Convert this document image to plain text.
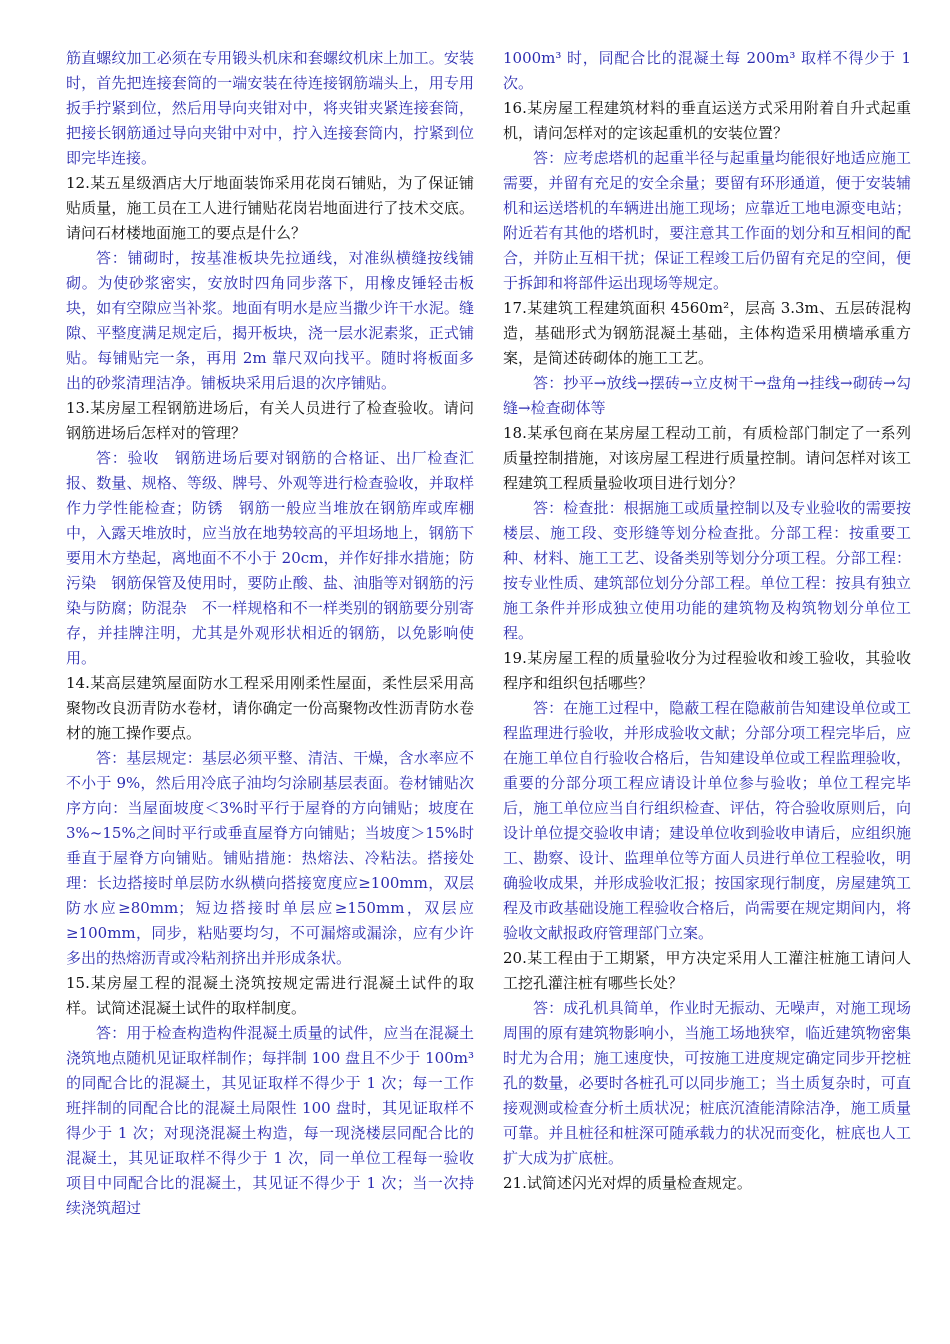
筋直螺纹加工必须在专用锻头机床和套螺纹机床上加工。安装时，首先把连接套筒的一端安装在待连接钢筋端头上，用专用扳手拧紧到位，然后用导向夹钳对中，将夹钳夹紧连接套筒，把接长钢筋通过导向夹钳中对中，拧入连接套筒内，拧紧到位即完毕连接。

12.某五星级酒店大厅地面装饰采用花岗石铺贴，为了保证铺贴质量，施工员在工人进行铺贴花岗岩地面进行了技术交底。请问石材楼地面施工的要点是什么？

答：铺砌时，按基准板块先拉通线，对准纵横缝按线铺砌。为使砂浆密实，安放时四角同步落下，用橡皮锤轻击板块，如有空隙应当补浆。地面有明水是应当撒少许干水泥。缝隙、平整度满足规定后，揭开板块，浇一层水泥素浆，正式铺贴。每铺贴完一条，再用 2m 靠尺双向找平。随时将板面多出的砂浆清理洁净。铺板块采用后退的次序铺贴。

13.某房屋工程钢筋进场后，有关人员进行了检查验收。请问钢筋进场后怎样对的管理？

答：验收　钢筋进场后要对钢筋的合格证、出厂检查汇报、数量、规格、等级、牌号、外观等进行检查验收，并取样作力学性能检查；防锈　钢筋一般应当堆放在钢筋库或库棚中，入露天堆放时，应当放在地势较高的平坦场地上，钢筋下要用木方垫起，离地面不不小于 20cm，并作好排水措施；防污染　钢筋保管及使用时，要防止酸、盐、油脂等对钢筋的污染与防腐；防混杂　不一样规格和不一样类别的钢筋要分别寄存，并挂牌注明，尤其是外观形状相近的钢筋，以免影响使用。

14.某高层建筑屋面防水工程采用刚柔性屋面，柔性层采用高聚物改良沥青防水卷材，请你确定一份高聚物改性沥青防水卷材的施工操作要点。

答：基层规定：基层必须平整、清洁、干燥，含水率应不不小于 9%，然后用冷底子油均匀涂刷基层表面。卷材铺贴次序方向：当屋面坡度＜3%时平行于屋脊的方向铺贴；坡度在 3%~15%之间时平行或垂直屋脊方向铺贴；当坡度＞15%时垂直于屋脊方向铺贴。铺贴措施：热熔法、冷粘法。搭接处理：长边搭接时单层防水纵横向搭接宽度应≥100mm，双层防水应≥80mm；短边搭接时单层应≥150mm，双层应≥100mm，同步，粘贴要均匀，不可漏熔或漏涂，应有少许多出的热熔沥青或冷粘剂挤出并形成条状。

15.某房屋工程的混凝土浇筑按规定需进行混凝土试件的取样。试简述混凝土试件的取样制度。

答：用于检查构造构件混凝土质量的试件，应当在混凝土浇筑地点随机见证取样制作；每拌制 100 盘且不少于 100m³ 的同配合比的混凝土，其见证取样不得少于 1 次；每一工作班拌制的同配合比的混凝土局限性 100 盘时，其见证取样不得少于 1 次；对现浇混凝土构造，每一现浇楼层同配合比的混凝土，其见证取样不得少于 1 次，同一单位工程每一验收项目中同配合比的混凝土，其见证不得少于 1 次；当一次持续浇筑超过

1000m³ 时，同配合比的混凝土每 200m³ 取样不得少于 1 次。

16.某房屋工程建筑材料的垂直运送方式采用附着自升式起重机，请问怎样对的定该起重机的安装位置？

答：应考虑塔机的起重半径与起重量均能很好地适应施工需要，并留有充足的安全余量；要留有环形通道，便于安装辅机和运送塔机的车辆进出施工现场；应靠近工地电源变电站；附近若有其他的塔机时，要注意其工作面的划分和互相间的配合，并防止互相干扰；保证工程竣工后仍留有充足的空间，便于拆卸和将部件运出现场等规定。

17.某建筑工程建筑面积 4560m²，层高 3.3m、五层砖混构造，基础形式为钢筋混凝土基础，主体构造采用横墙承重方案，是简述砖砌体的施工工艺。

答：抄平→放线→摆砖→立皮树干→盘角→挂线→砌砖→勾缝→检查砌体等

18.某承包商在某房屋工程动工前，有质检部门制定了一系列质量控制措施，对该房屋工程进行质量控制。请问怎样对该工程建筑工程质量验收项目进行划分？

答：检查批：根据施工或质量控制以及专业验收的需要按楼层、施工段、变形缝等划分检查批。分部工程：按重要工种、材料、施工工艺、设备类别等划分分项工程。分部工程：按专业性质、建筑部位划分分部工程。单位工程：按具有独立施工条件并形成独立使用功能的建筑物及构筑物划分单位工程。

19.某房屋工程的质量验收分为过程验收和竣工验收，其验收程序和组织包括哪些？

答：在施工过程中，隐蔽工程在隐蔽前告知建设单位或工程监理进行验收，并形成验收文献；分部分项工程完毕后，应在施工单位自行验收合格后，告知建设单位或工程监理验收，重要的分部分项工程应请设计单位参与验收；单位工程完毕后，施工单位应当自行组织检查、评估，符合验收原则后，向设计单位提交验收申请；建设单位收到验收申请后，应组织施工、勘察、设计、监理单位等方面人员进行单位工程验收，明确验收成果，并形成验收汇报；按国家现行制度，房屋建筑工程及市政基础设施工程验收合格后，尚需要在规定期间内，将验收文献报政府管理部门立案。

20.某工程由于工期紧，甲方决定采用人工灌注桩施工请问人工挖孔灌注桩有哪些长处？

答：成孔机具简单，作业时无振动、无噪声，对施工现场周围的原有建筑物影响小，当施工场地狭窄，临近建筑物密集时尤为合用；施工速度快，可按施工进度规定确定同步开挖桩孔的数量，必要时各桩孔可以同步施工；当土质复杂时，可直接观测或检查分析土质状况；桩底沉渣能清除洁净，施工质量可靠。并且桩径和桩深可随承载力的状况而变化，桩底也人工扩大成为扩底桩。

21.试简述闪光对焊的质量检查规定。
